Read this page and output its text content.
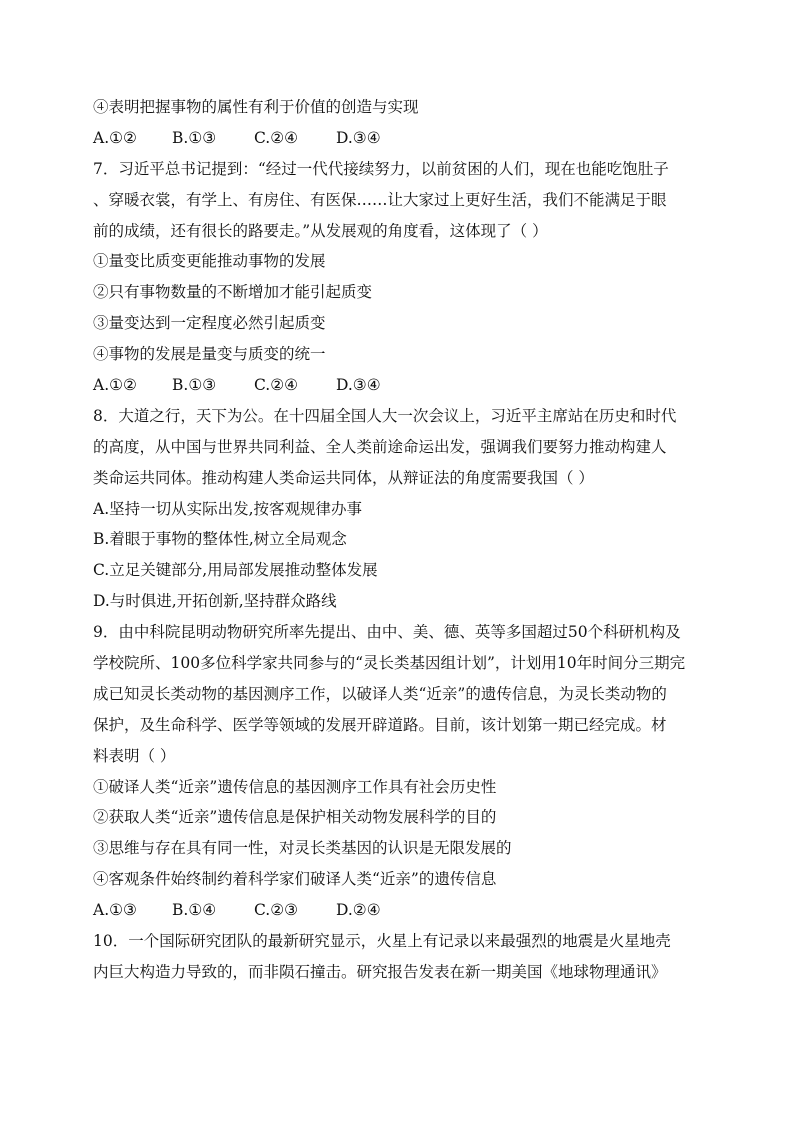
④表明把握事物的属性有利于价值的创造与实现
A.①②	B.①③	C.②④	D.③④
7．习近平总书记提到：“经过一代代接续努力，以前贫困的人们，现在也能吃饱肚子
、穿暖衣裳，有学上、有房住、有医保……让大家过上更好生活，我们不能满足于眼
前的成绩，还有很长的路要走。”从发展观的角度看，这体现了（ ）
①量变比质变更能推动事物的发展
②只有事物数量的不断增加才能引起质变
③量变达到一定程度必然引起质变
④事物的发展是量变与质变的统一
A.①②	B.①③	C.②④	D.③④
8．大道之行，天下为公。在十四届全国人大一次会议上，习近平主席站在历史和时代
的高度，从中国与世界共同利益、全人类前途命运出发，强调我们要努力推动构建人
类命运共同体。推动构建人类命运共同体，从辩证法的角度需要我国（ ）
A.坚持一切从实际出发,按客观规律办事
B.着眼于事物的整体性,树立全局观念
C.立足关键部分,用局部发展推动整体发展
D.与时俱进,开拓创新,坚持群众路线
9．由中科院昆明动物研究所率先提出、由中、美、德、英等多国超过50个科研机构及
学校院所、100多位科学家共同参与的“灵长类基因组计划”，计划用10年时间分三期完
成已知灵长类动物的基因测序工作，以破译人类“近亲”的遗传信息，为灵长类动物的
保护，及生命科学、医学等领域的发展开辟道路。目前，该计划第一期已经完成。材
料表明（ ）
①破译人类“近亲”遗传信息的基因测序工作具有社会历史性
②获取人类“近亲”遗传信息是保护相关动物发展科学的目的
③思维与存在具有同一性，对灵长类基因的认识是无限发展的
④客观条件始终制约着科学家们破译人类“近亲”的遗传信息
A.①③	B.①④	C.②③	D.②④
10．一个国际研究团队的最新研究显示，火星上有记录以来最强烈的地震是火星地壳
内巨大构造力导致的，而非陨石撞击。研究报告发表在新一期美国《地球物理通讯》
